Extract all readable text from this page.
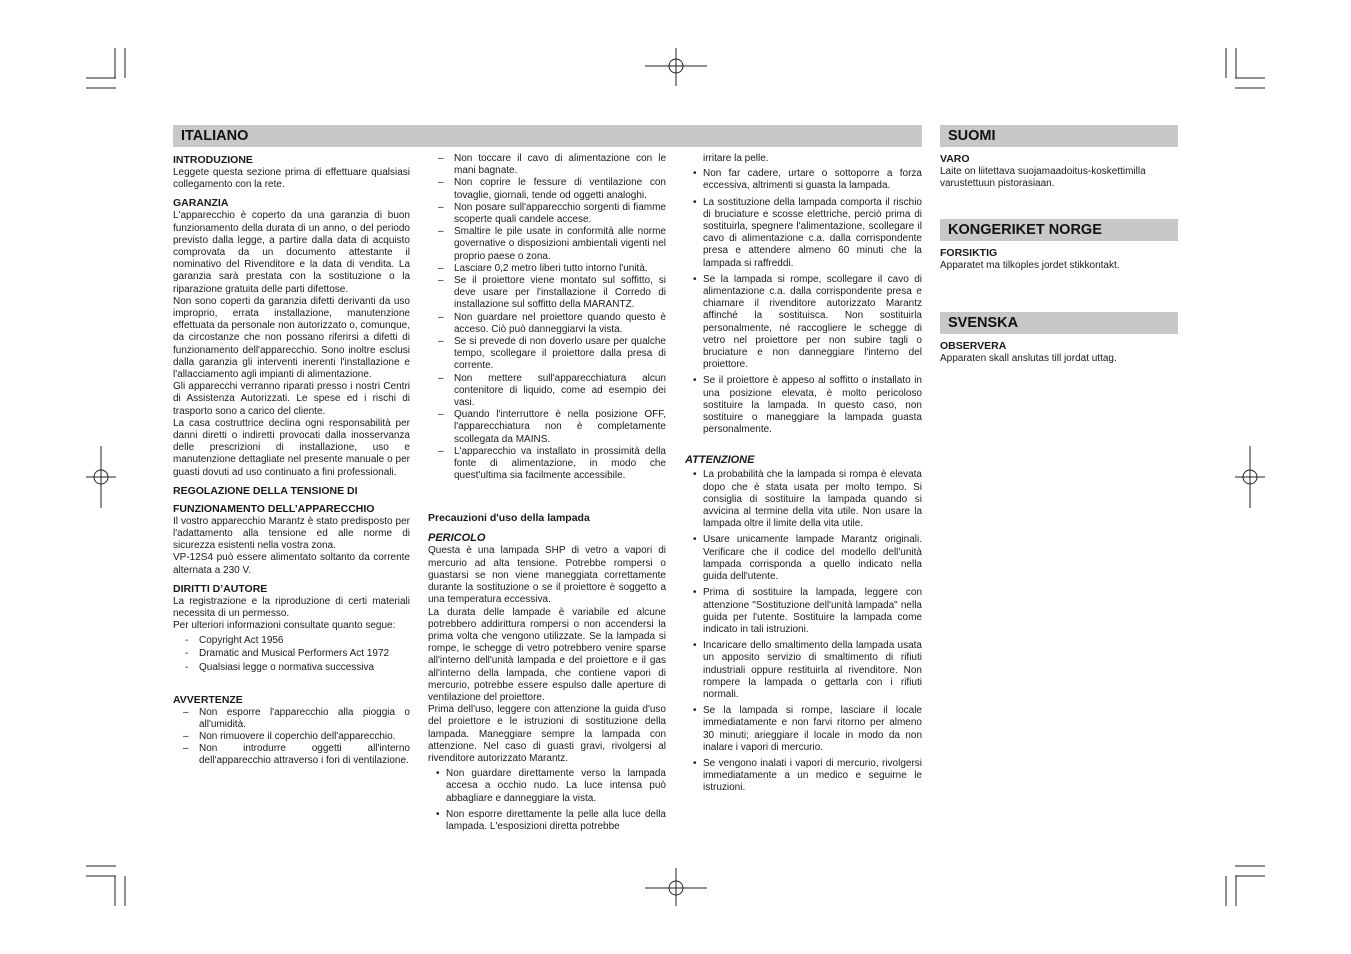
ITALIANO	SUOMI
KONGERIKET NORGE
SVENSKA
INTRODUZIONE

Leggete questa sezione prima di effettuare qualsiasi collegamento con la rete.

GARANZIA

L'apparecchio è coperto da una garanzia di buon funzionamento della durata di un anno, o del periodo previsto dalla legge, a partire dalla data di acquisto comprovata da un documento attestante il nominativo del Rivenditore e la data di vendita. La garanzia sarà prestata con la sostituzione o la riparazione gratuita delle parti difettose.

Non sono coperti da garanzia difetti derivanti da uso improprio, errata installazione, manutenzione effettuata da personale non autorizzato o, comunque, da circostanze che non possano riferirsi a difetti di funzionamento dell'apparecchio. Sono inoltre esclusi dalla garanzia gli interventi inerenti l'installazione e l'allacciamento agli impianti di alimentazione.

Gli apparecchi verranno riparati presso i nostri Centri di Assistenza Autorizzati. Le spese ed i rischi di trasporto sono a carico del cliente.

La casa costruttrice declina ogni responsabilità per danni diretti o indiretti provocati dalla inosservanza delle prescrizioni di installazione, uso e manutenzione dettagliate nel presente manuale o per guasti dovuti ad uso continuato a fini professionali.

REGOLAZIONE DELLA TENSIONE DI
FUNZIONAMENTO DELL’APPARECCHIO

Il vostro apparecchio Marantz è stato predisposto per l'adattamento alla tensione ed alle norme di sicurezza esistenti nella vostra zona.

VP-12S4 può essere alimentato soltanto da corrente alternata a 230 V.

DIRITTI D’AUTORE

La registrazione e la riproduzione di certi materiali necessita di un permesso.

Per ulteriori informazioni consultate quanto segue:

- Copyright Act 1956
- Dramatic and Musical Performers Act 1972
- Qualsiasi legge o normativa successiva
AVVERTENZE
– Non esporre l'apparecchio alla pioggia o all'umidità.
– Non rimuovere il coperchio dell'apparecchio.
– Non introdurre oggetti all'interno dell'apparecchio attraverso i fori di ventilazione.
– Non toccare il cavo di alimentazione con le mani bagnate.
– Non coprire le fessure di ventilazione con tovaglie, giornali, tende od oggetti analoghi.
– Non posare sull'apparecchio sorgenti di fiamme scoperte quali candele accese.
– Smaltire le pile usate in conformità alle norme governative o disposizioni ambientali vigenti nel proprio paese o zona.
– Lasciare 0,2 metro liberi tutto intorno l'unità.
– Se il proiettore viene montato sul soffitto, si deve usare per l'installazione il Corredo di installazione sul soffitto della MARANTZ.
– Non guardare nel proiettore quando questo è acceso. Ciò può danneggiarvi la vista.
– Se si prevede di non doverlo usare per qualche tempo, scollegare il proiettore dalla presa di corrente.
– Non mettere sull'apparecchiatura alcun contenitore di liquido, come ad esempio dei vasi.
– Quando l'interruttore è nella posizione OFF, l'apparecchiatura non è completamente scollegata da MAINS.
– L'apparecchio va installato in prossimità della fonte di alimentazione, in modo che quest'ultima sia facilmente accessibile.
Precauzioni d'uso della lampada
PERICOLO

Questa è una lampada SHP di vetro a vapori di mercurio ad alta tensione. Potrebbe rompersi o guastarsi se non viene maneggiata correttamente durante la sostituzione o se il proiettore è soggetto a una temperatura eccessiva.

La durata delle lampade è variabile ed alcune potrebbero addirittura rompersi o non accendersi la prima volta che vengono utilizzate. Se la lampada si rompe, le schegge di vetro potrebbero venire sparse all'interno dell'unità lampada e del proiettore e il gas all'interno della lampada, che contiene vapori di mercurio, potrebbe essere espulso dalle aperture di ventilazione del proiettore.

Prima dell'uso, leggere con attenzione la guida d'uso del proiettore e le istruzioni di sostituzione della lampada. Maneggiare sempre la lampada con attenzione. Nel caso di guasti gravi, rivolgersi al rivenditore autorizzato Marantz.

• Non guardare direttamente verso la lampada accesa a occhio nudo. La luce intensa può abbagliare e danneggiare la vista.
• Non esporre direttamente la pelle alla luce della lampada. L'esposizioni diretta potrebbe

irritare la pelle.

• Non far cadere, urtare o sottoporre a forza eccessiva, altrimenti si guasta la lampada.
• La sostituzione della lampada comporta il rischio di bruciature e scosse elettriche, perciò prima di sostituirla, spegnere l'alimentazione, scollegare il cavo di alimentazione c.a. dalla corrispondente presa e attendere almeno 60 minuti che la lampada si raffreddi.
• Se la lampada si rompe, scollegare il cavo di alimentazione c.a. dalla corrispondente presa e chiamare il rivenditore autorizzato Marantz affinché la sostituisca. Non sostituirla personalmente, né raccogliere le schegge di vetro nel proiettore per non subire tagli o bruciature e non danneggiare l'interno del proiettore.
• Se il proiettore è appeso al soffitto o installato in una posizione elevata, è molto pericoloso sostituire la lampada. In questo caso, non sostituire o maneggiare la lampada guasta personalmente.
ATTENZIONE
• La probabilità che la lampada si rompa è elevata dopo che è stata usata per molto tempo. Si consiglia di sostituire la lampada quando si avvicina al termine della vita utile. Non usare la lampada oltre il limite della vita utile.
• Usare unicamente lampade Marantz originali. Verificare che il codice del modello dell'unità lampada corrisponda a quello indicato nella guida dell'utente.
• Prima di sostituire la lampada, leggere con attenzione "Sostituzione dell'unità lampada" nella guida per l'utente. Sostituire la lampada come indicato in tali istruzioni.
• Incaricare dello smaltimento della lampada usata un apposito servizio di smaltimento di rifiuti industriali oppure restituirla al rivenditore. Non rompere la lampada o gettarla con i rifiuti normali.
• Se la lampada si rompe, lasciare il locale immediatamente e non farvi ritorno per almeno 30 minuti; arieggiare il locale in modo da non inalare i vapori di mercurio.
• Se vengono inalati i vapori di mercurio, rivolgersi immediatamente a un medico e seguirne le istruzioni.
VARO

Laite on liitettava suojamaadoitus-koskettimilla varustettuun pistorasiaan.

FORSIKTIG

Apparatet ma tilkoples jordet stikkontakt.

OBSERVERA

Apparaten skall anslutas till jordat uttag.
